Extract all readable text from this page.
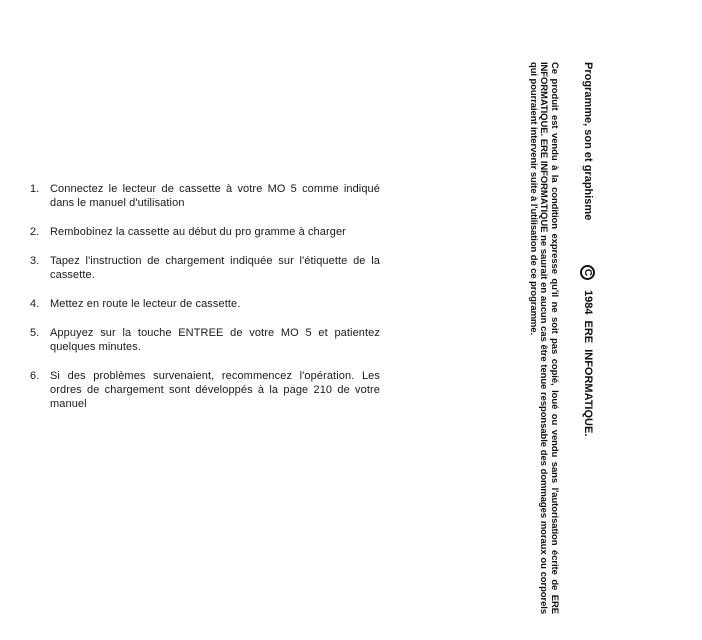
1. Connectez le lecteur de cassette à votre MO 5 comme indiqué dans le manuel d'utilisation
2. Rembobinez la cassette au début du pro gramme à charger
3. Tapez l'instruction de chargement indiquée sur l'étiquette de la cassette.
4. Mettez en route le lecteur de cassette.
5. Appuyez sur la touche ENTREE de votre MO 5 et patientez quelques minutes.
6. Si des problèmes survenaient, recommencez l'opération. Les ordres de chargement sont développés à la page 210 de votre manuel
Programme, son et graphisme
C
1984 ERE INFORMATIQUE.

Ce produit est vendu à la condition expresse qu'il ne soit pas copié, loué ou vendu sans l'autorisation écrite de ERE INFORMATIQUE. ERE INFORMATIQUE ne saurait en aucun cas être tenue responsable des dommages moraux ou corporels qui pourraient intervenir suite à l'utilisation de ce programme.
